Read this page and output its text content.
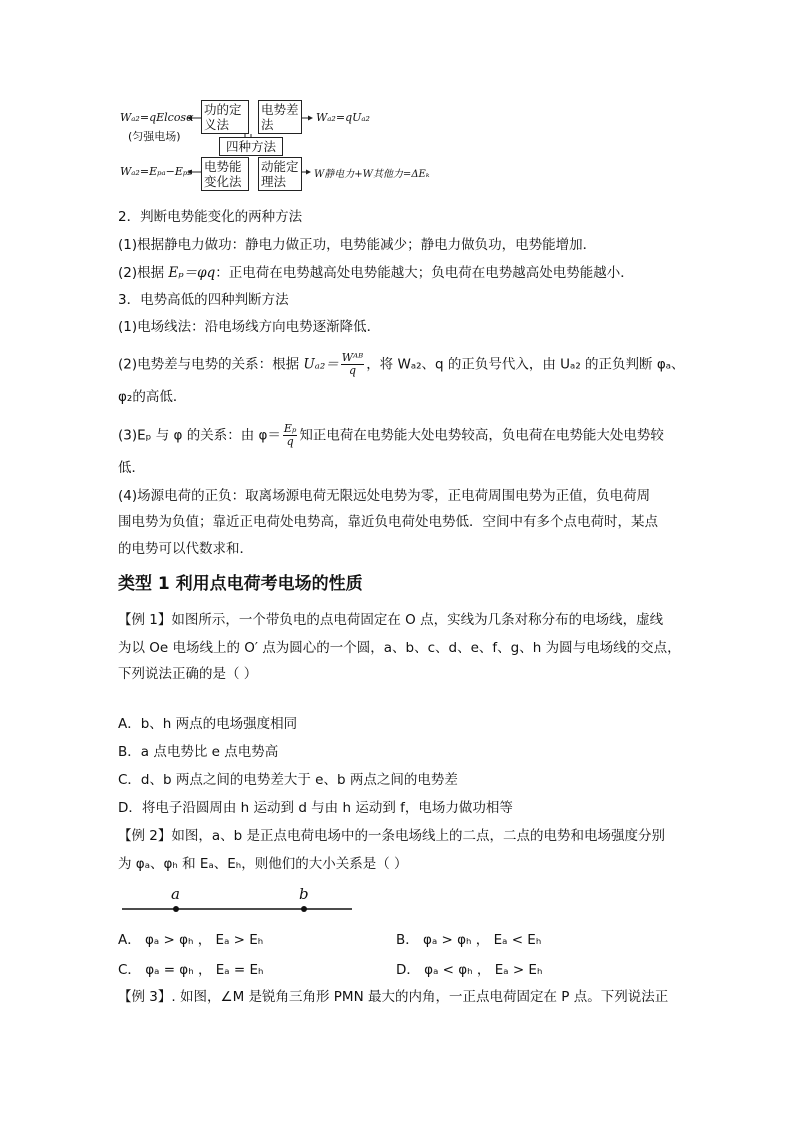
Wₐ₂=qElcosα
(匀强电场)
功的定义法
电势差法	Wₐ₂=qUₐ₂
四种方法
Wₐ₂=Eₚₐ−Eₚ₂ 电势能变化法
动能定理法	W静电力+W其他力=ΔEₖ
2．判断电势能变化的两种方法
(1)根据静电力做功：静电力做正功，电势能减少；静电力做负功，电势能增加．
(2)根据 Eₚ＝φq：正电荷在电势越高处电势能越大；负电荷在电势越高处电势能越小．
3．电势高低的四种判断方法
(1)电场线法：沿电场线方向电势逐渐降低．
(2)电势差与电势的关系：根据 $U_{a2}= \frac{\text{Wᴬᴮ}}{q}$ ，将 Wₐ₂、q 的正负号代入，由 Uₐ₂ 的正负判断 φₐ、
φ₂的高低．
(3)Eₚ 与 φ 的关系：由 $\varphi= \frac{\text{Eₚ}}{q}$ 知正电荷在电势能大处电势较高，负电荷在电势能大处电势较
低．
(4)场源电荷的正负：取离场源电荷无限远处电势为零，正电荷周围电势为正值，负电荷周
围电势为负值；靠近正电荷处电势高，靠近负电荷处电势低．空间中有多个点电荷时，某点
的电势可以代数求和．
类型 1 利用点电荷考电场的性质
【例 1】如图所示，一个带负电的点电荷固定在 O 点，实线为几条对称分布的电场线，虚线
为以 Oe 电场线上的 O′ 点为圆心的一个圆，a、b、c、d、e、f、g、h 为圆与电场线的交点，
下列说法正确的是（ ）
A．b、h 两点的电场强度相同
B．a 点电势比 e 点电势高
C．d、b 两点之间的电势差大于 e、b 两点之间的电势差
D．将电子沿圆周由 h 运动到 d 与由 h 运动到 f，电场力做功相等
【例 2】如图，a、b 是正点电荷电场中的一条电场线上的二点，二点的电势和电场强度分别
为 φₐ、φₕ 和 Eₐ、Eₕ，则他们的大小关系是（ ）
a	b
A． φₐ > φₕ ， Eₐ > Eₕ	B． φₐ > φₕ ， Eₐ < Eₕ
C． φₐ = φₕ ， Eₐ = Eₕ	D． φₐ < φₕ ， Eₐ > Eₕ
【例 3】. 如图，∠M 是锐角三角形 PMN 最大的内角，一正点电荷固定在 P 点。下列说法正
